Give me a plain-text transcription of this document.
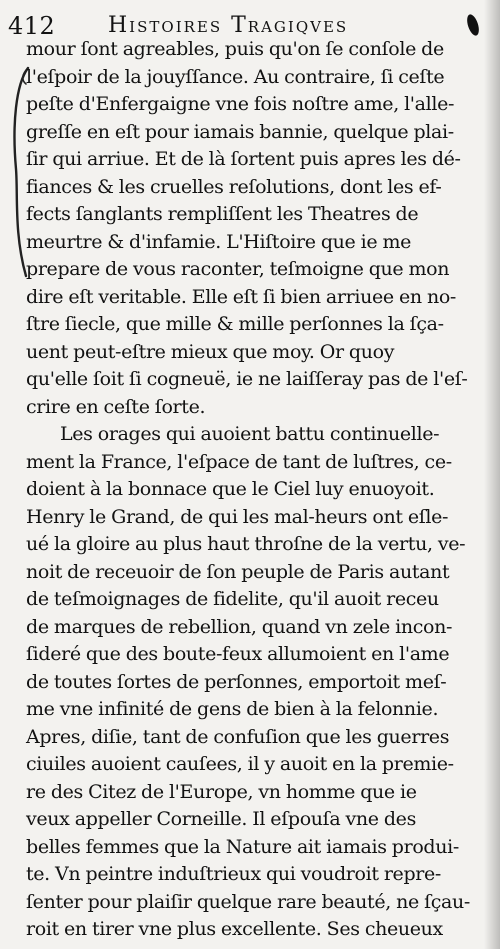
412 Histoires Tragiqves

mour ſont agreables, puis qu'on ſe conſole de

l'eſpoir de la jouyſſance. Au contraire, ſi ceſte

peſte d'Enfergaigne vne fois noſtre ame, l'alle-

greſſe en eſt pour iamais bannie, quelque plai-

ſir qui arriue. Et de là ſortent puis apres les dé-

fiances & les cruelles reſolutions, dont les ef-

fects ſanglants rempliſſent les Theatres de

meurtre & d'infamie. L'Hiſtoire que ie me

prepare de vous raconter, teſmoigne que mon

dire eſt veritable. Elle eſt ſi bien arriuee en no-

ſtre ſiecle, que mille & mille perſonnes la ſça-

uent peut-eſtre mieux que moy. Or quoy

qu'elle ſoit ſi cogneuë, ie ne laiſſeray pas de l'eſ-

crire en ceſte ſorte.

Les orages qui auoient battu continuelle-

ment la France, l'eſpace de tant de luſtres, ce-

doient à la bonnace que le Ciel luy enuoyoit.

Henry le Grand, de qui les mal-heurs ont eſle-

ué la gloire au plus haut throſne de la vertu, ve-

noit de receuoir de ſon peuple de Paris autant

de teſmoignages de fidelite, qu'il auoit receu

de marques de rebellion, quand vn zele incon-

ſideré que des boute-feux allumoient en l'ame

de toutes ſortes de perſonnes, emportoit meſ-

me vne infinité de gens de bien à la felonnie.

Apres, diſie, tant de confuſion que les guerres

ciuiles auoient cauſees, il y auoit en la premie-

re des Citez de l'Europe, vn homme que ie

veux appeller Corneille. Il eſpouſa vne des

belles femmes que la Nature ait iamais produi-

te. Vn peintre induſtrieux qui voudroit repre-

ſenter pour plaiſir quelque rare beauté, ne ſçau-

roit en tirer vne plus excellente. Ses cheueux
